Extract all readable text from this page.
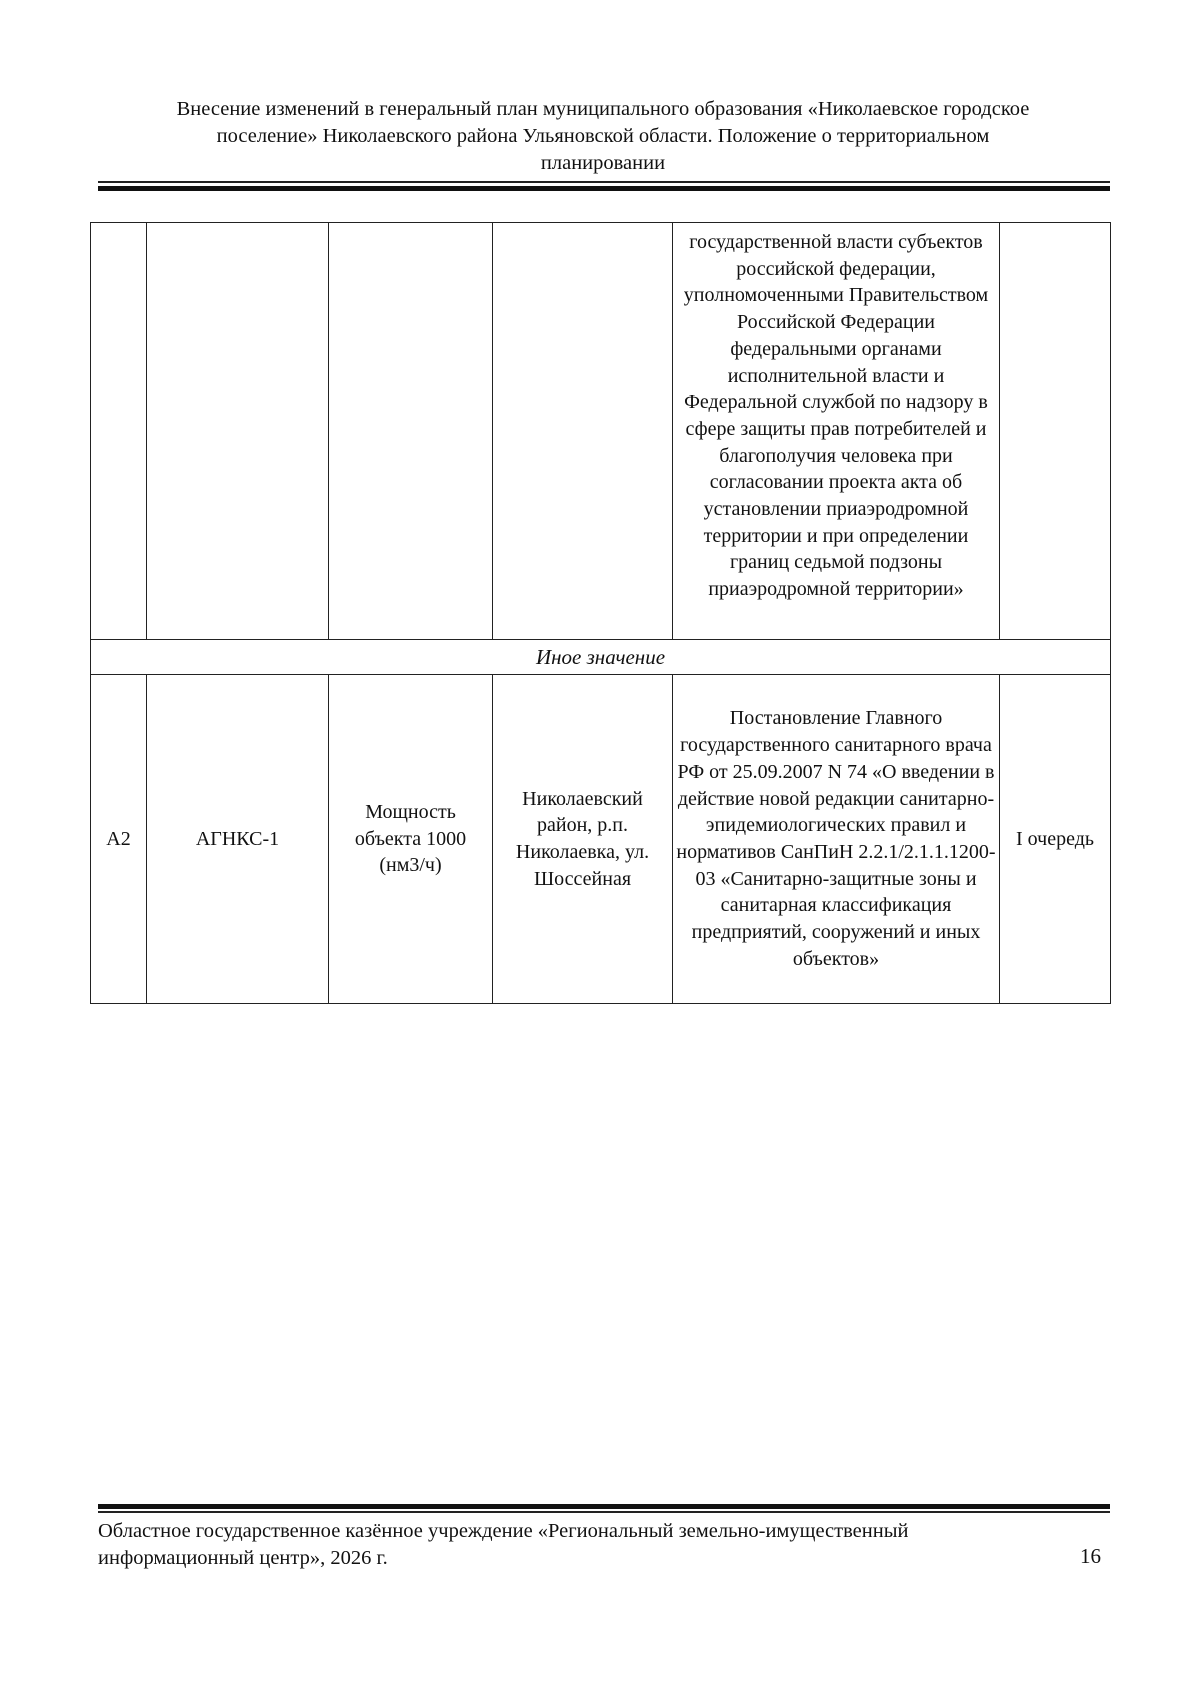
Внесение изменений в генеральный план муниципального образования «Николаевское городское
поселение» Николаевского района Ульяновской области. Положение о территориальном
планировании
				государственной власти субъектов российской федерации, уполномоченными Правительством Российской Федерации федеральными органами исполнительной власти и Федеральной службой по надзору в сфере защиты прав потребителей и благополучия человека при согласовании проекта акта об установлении приаэродромной территории и при определении границ седьмой подзоны приаэродромной территории»	
Иное значение					
А2	АГНКС-1	Мощность объекта 1000 (нм3/ч)	Николаевский район, р.п. Николаевка, ул. Шоссейная	Постановление Главного государственного санитарного врача РФ от 25.09.2007 N 74 «О введении в действие новой редакции санитарно-эпидемиологических правил и нормативов СанПиН 2.2.1/2.1.1.1200-03 «Санитарно-защитные зоны и санитарная классификация предприятий, сооружений и иных объектов»	I очередь
Областное государственное казённое учреждение «Региональный земельно-имущественный
информационный центр», 2026 г.	16
